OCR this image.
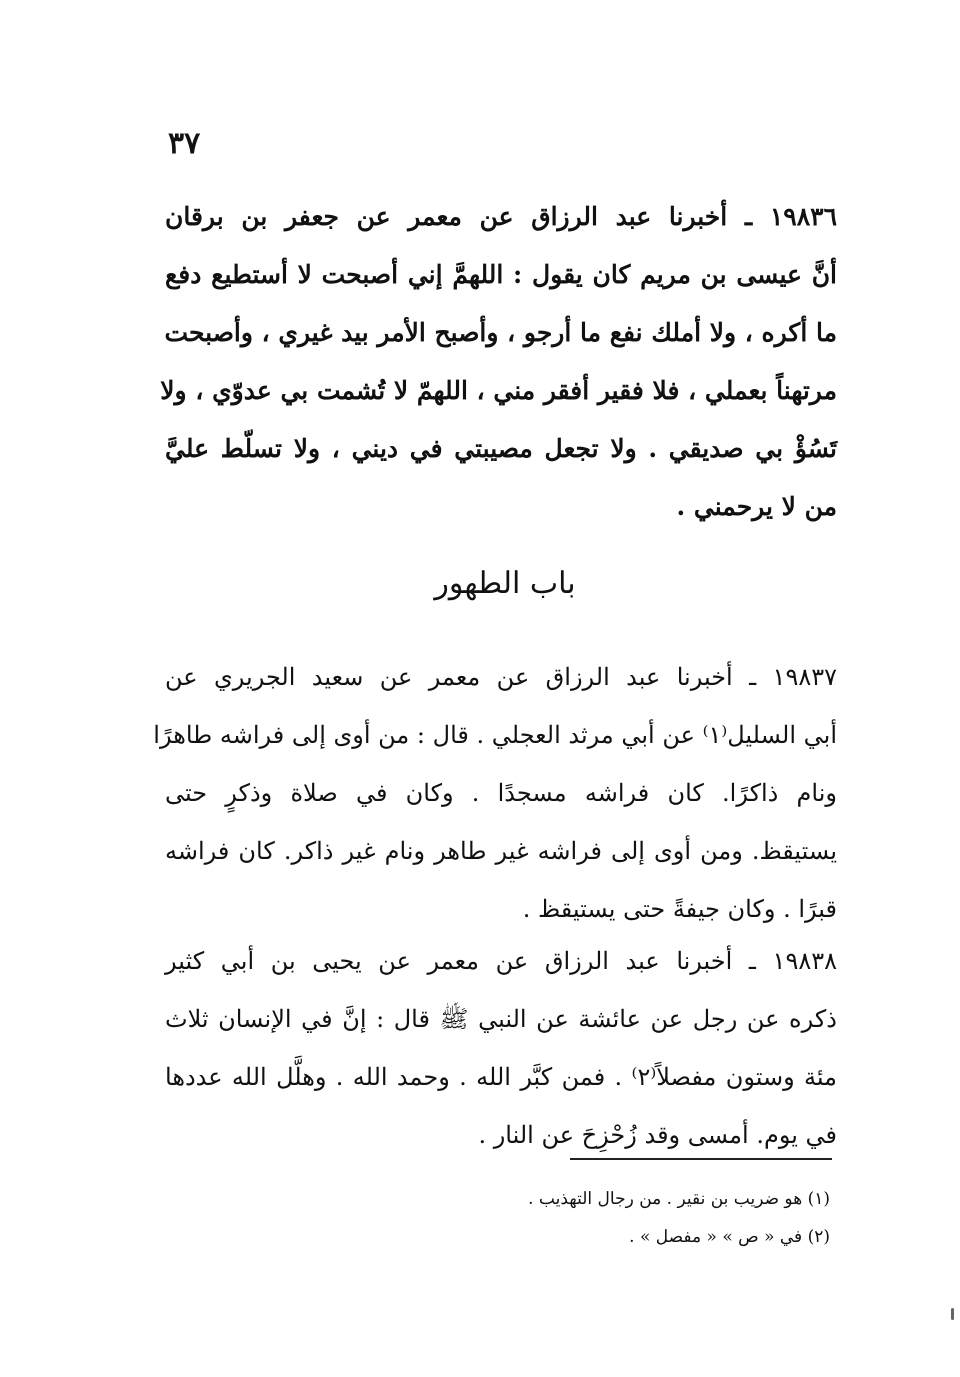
٣٧
١٩٨٣٦ ـ أخبرنا عبد الرزاق عن معمر عن جعفر بن برقان
أنَّ عيسى بن مريم كان يقول : اللهمَّ إني أصبحت لا أستطيع دفع
ما أكره ، ولا أملك نفع ما أرجو ، وأصبح الأمر بيد غيري ، وأصبحت
مرتهناً بعملي ، فلا فقير أفقر مني ، اللهمّ لا تُشمت بي عدوّي ، ولا
تَسُؤْ بي صديقي . ولا تجعل مصيبتي في ديني ، ولا تسلّط عليَّ
من لا يرحمني .
باب الطهور
١٩٨٣٧ ـ أخبرنا عبد الرزاق عن معمر عن سعيد الجريري عن
أبي السليل⁽١⁾ عن أبي مرثد العجلي . قال : من أوى إلى فراشه طاهرًا
ونام ذاكرًا. كان فراشه مسجدًا . وكان في صلاة وذكرٍ حتى
يستيقظ. ومن أوى إلى فراشه غير طاهر ونام غير ذاكر. كان فراشه
قبرًا . وكان جيفةً حتى يستيقظ .
١٩٨٣٨ ـ أخبرنا عبد الرزاق عن معمر عن يحيى بن أبي كثير
ذكره عن رجل عن عائشة عن النبي ﷺ قال : إنَّ في الإنسان ثلاث
مئة وستون مفصلاً⁽٢⁾ . فمن كبَّر الله . وحمد الله . وهلَّل الله عددها
في يوم. أمسى وقد زُحْزِحَ عن النار .
(١) هو ضريب بن نقير . من رجال التهذيب .
(٢) في « ص » « مفصل » .
